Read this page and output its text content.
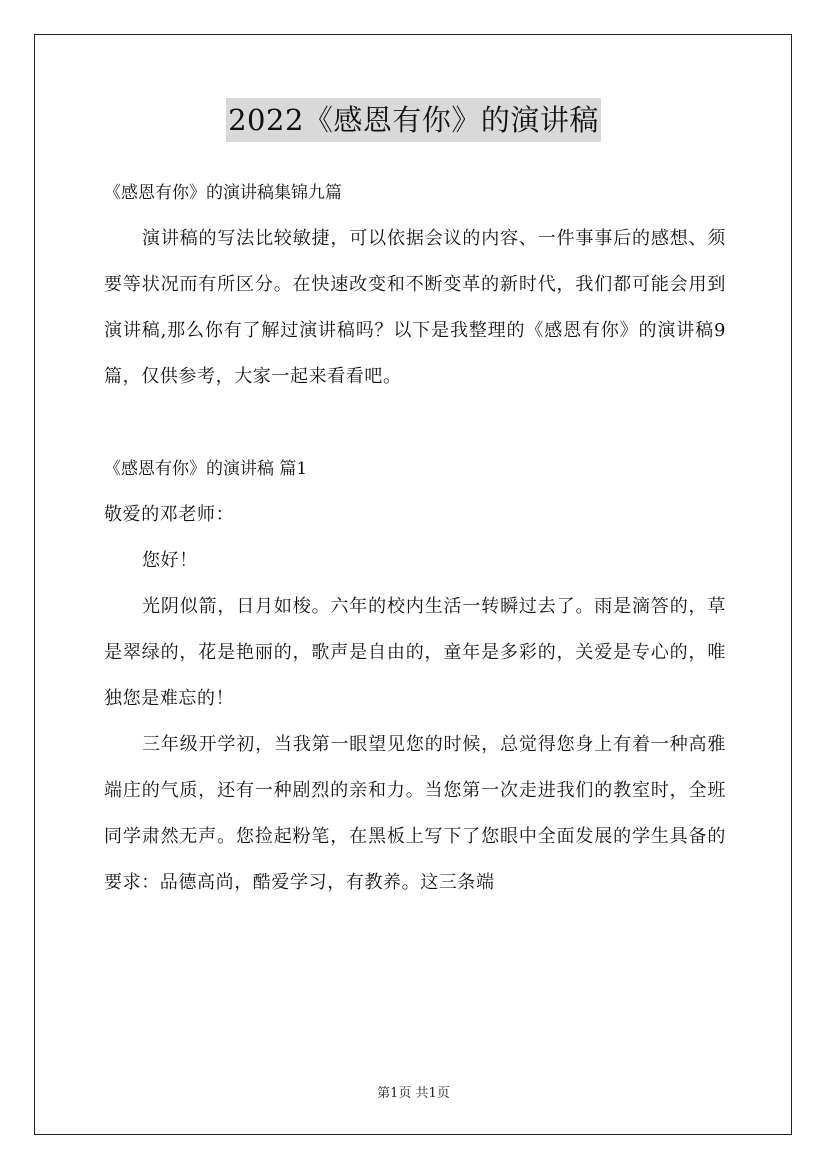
2022《感恩有你》的演讲稿

《感恩有你》的演讲稿集锦九篇

演讲稿的写法比较敏捷，可以依据会议的内容、一件事事后的感想、须要等状况而有所区分。在快速改变和不断变革的新时代，我们都可能会用到演讲稿,那么你有了解过演讲稿吗？以下是我整理的《感恩有你》的演讲稿9篇，仅供参考，大家一起来看看吧。

《感恩有你》的演讲稿 篇1

敬爱的邓老师：

您好！

光阴似箭，日月如梭。六年的校内生活一转瞬过去了。雨是滴答的，草是翠绿的，花是艳丽的，歌声是自由的，童年是多彩的，关爱是专心的，唯独您是难忘的！

三年级开学初，当我第一眼望见您的时候，总觉得您身上有着一种高雅端庄的气质，还有一种剧烈的亲和力。当您第一次走进我们的教室时，全班同学肃然无声。您捡起粉笔，在黑板上写下了您眼中全面发展的学生具备的要求：品德高尚，酷爱学习，有教养。这三条端

第1页 共1页
